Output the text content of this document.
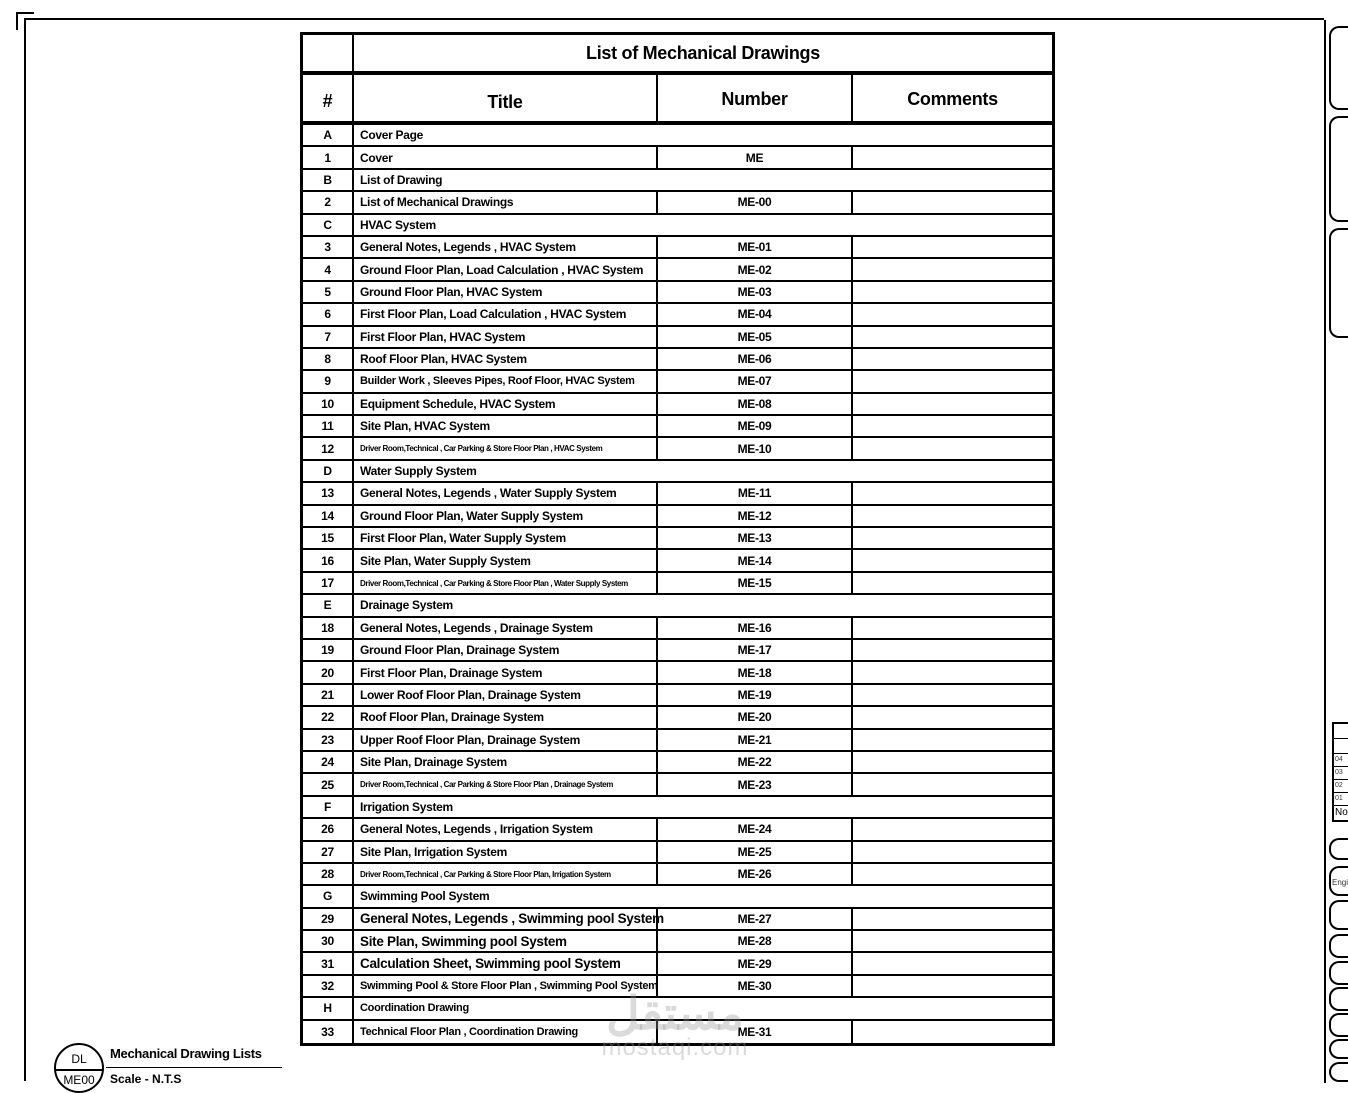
List of Mechanical Drawings
#	Title	Number	Comments
A	Cover Page
1	Cover	ME
B	List of Drawing
2	List of Mechanical Drawings	ME-00
C	HVAC System
3	General Notes, Legends , HVAC System	ME-01
4	Ground Floor Plan, Load Calculation , HVAC System	ME-02
5	Ground Floor Plan, HVAC System	ME-03
6	First Floor Plan, Load Calculation , HVAC System	ME-04
7	First Floor Plan, HVAC System	ME-05
8	Roof Floor Plan, HVAC System	ME-06
9	Builder Work , Sleeves Pipes, Roof Floor, HVAC System	ME-07
10	Equipment Schedule, HVAC System	ME-08
11	Site Plan, HVAC System	ME-09
12	Driver Room,Technical , Car Parking & Store Floor Plan , HVAC System	ME-10
D	Water Supply System
13	General Notes, Legends , Water Supply System	ME-11
14	Ground Floor Plan, Water Supply System	ME-12
15	First Floor Plan, Water Supply System	ME-13
16	Site Plan, Water Supply System	ME-14
17	Driver Room,Technical , Car Parking & Store Floor Plan , Water Supply System	ME-15
E	Drainage System
18	General Notes, Legends , Drainage System	ME-16
19	Ground Floor Plan, Drainage System	ME-17
20	First Floor Plan, Drainage System	ME-18
21	Lower Roof Floor Plan, Drainage System	ME-19
22	Roof Floor Plan, Drainage System	ME-20
23	Upper Roof Floor Plan, Drainage System	ME-21
24	Site Plan, Drainage System	ME-22
25	Driver Room,Technical , Car Parking & Store Floor Plan , Drainage System	ME-23
F	Irrigation System
26	General Notes, Legends , Irrigation System	ME-24
27	Site Plan, Irrigation System	ME-25
28	Driver Room,Technical , Car Parking & Store Floor Plan, Irrigation System	ME-26
G	Swimming Pool System
29	General Notes, Legends , Swimming pool System	ME-27
30	Site Plan, Swimming pool System	ME-28
31	Calculation Sheet, Swimming pool System	ME-29
32	Swimming Pool & Store Floor Plan , Swimming Pool System	ME-30
H	Coordination Drawing
33	Technical Floor Plan , Coordination Drawing	ME-31
04
03
02
01
No
Engi
DL
ME00
Mechanical Drawing Lists
Scale - N.T.S
مستقل
mostaqi.com
